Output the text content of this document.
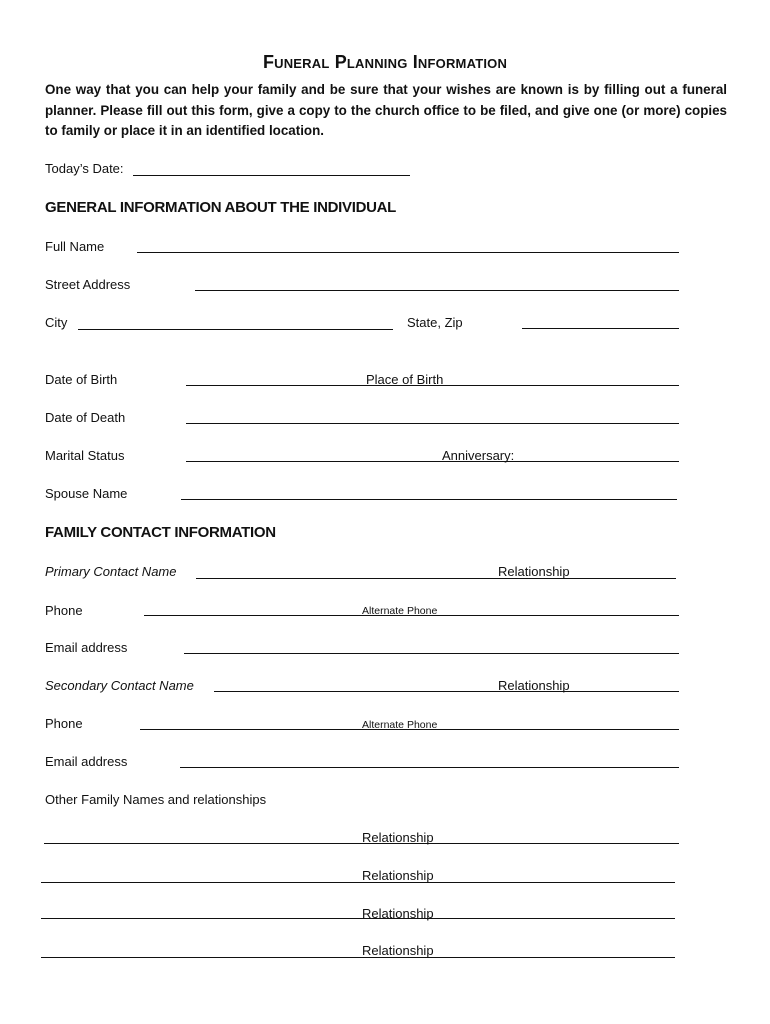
Funeral Planning Information
One way that you can help your family and be sure that your wishes are known is by filling out a funeral planner. Please fill out this form, give a copy to the church office to be filed, and give one (or more) copies to family or place it in an identified location.
Today’s Date:
GENERAL INFORMATION ABOUT THE INDIVIDUAL
Full Name
Street Address
City	State, Zip
Date of Birth	Place of Birth
Date of Death
Marital Status	Anniversary:
Spouse Name
FAMILY CONTACT INFORMATION
Primary Contact Name	Relationship
Phone	Alternate Phone
Email address
Secondary Contact Name	Relationship
Phone	Alternate Phone
Email address
Other Family Names and relationships
Relationship
Relationship
Relationship
Relationship
